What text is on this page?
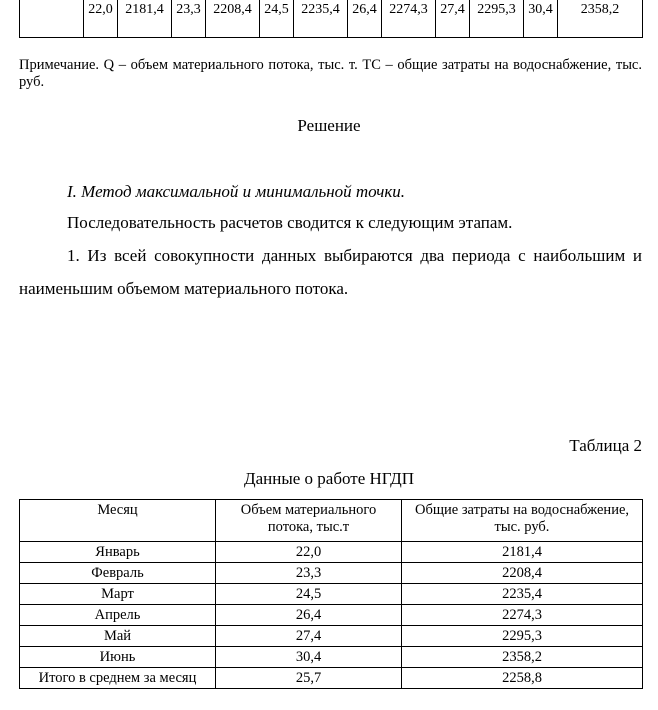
	22,0	2181,4	23,3	2208,4	24,5	2235,4	26,4	2274,3	27,4	2295,3	30,4	2358,2
Примечание. Q – объем материального потока, тыс. т. TC – общие затраты на водоснабжение, тыс. руб.
Решение
I. Метод максимальной и минимальной точки.
Последовательность расчетов сводится к следующим этапам.
1. Из всей совокупности данных выбираются два периода с наибольшим и наименьшим объемом материального потока.
Таблица 2
Данные о работе НГДП
Месяц	Объем материального потока, тыс.т	Общие затраты на водоснабжение, тыс. руб.
Январь	22,0	2181,4
Февраль	23,3	2208,4
Март	24,5	2235,4
Апрель	26,4	2274,3
Май	27,4	2295,3
Июнь	30,4	2358,2
Итого в среднем за месяц	25,7	2258,8
